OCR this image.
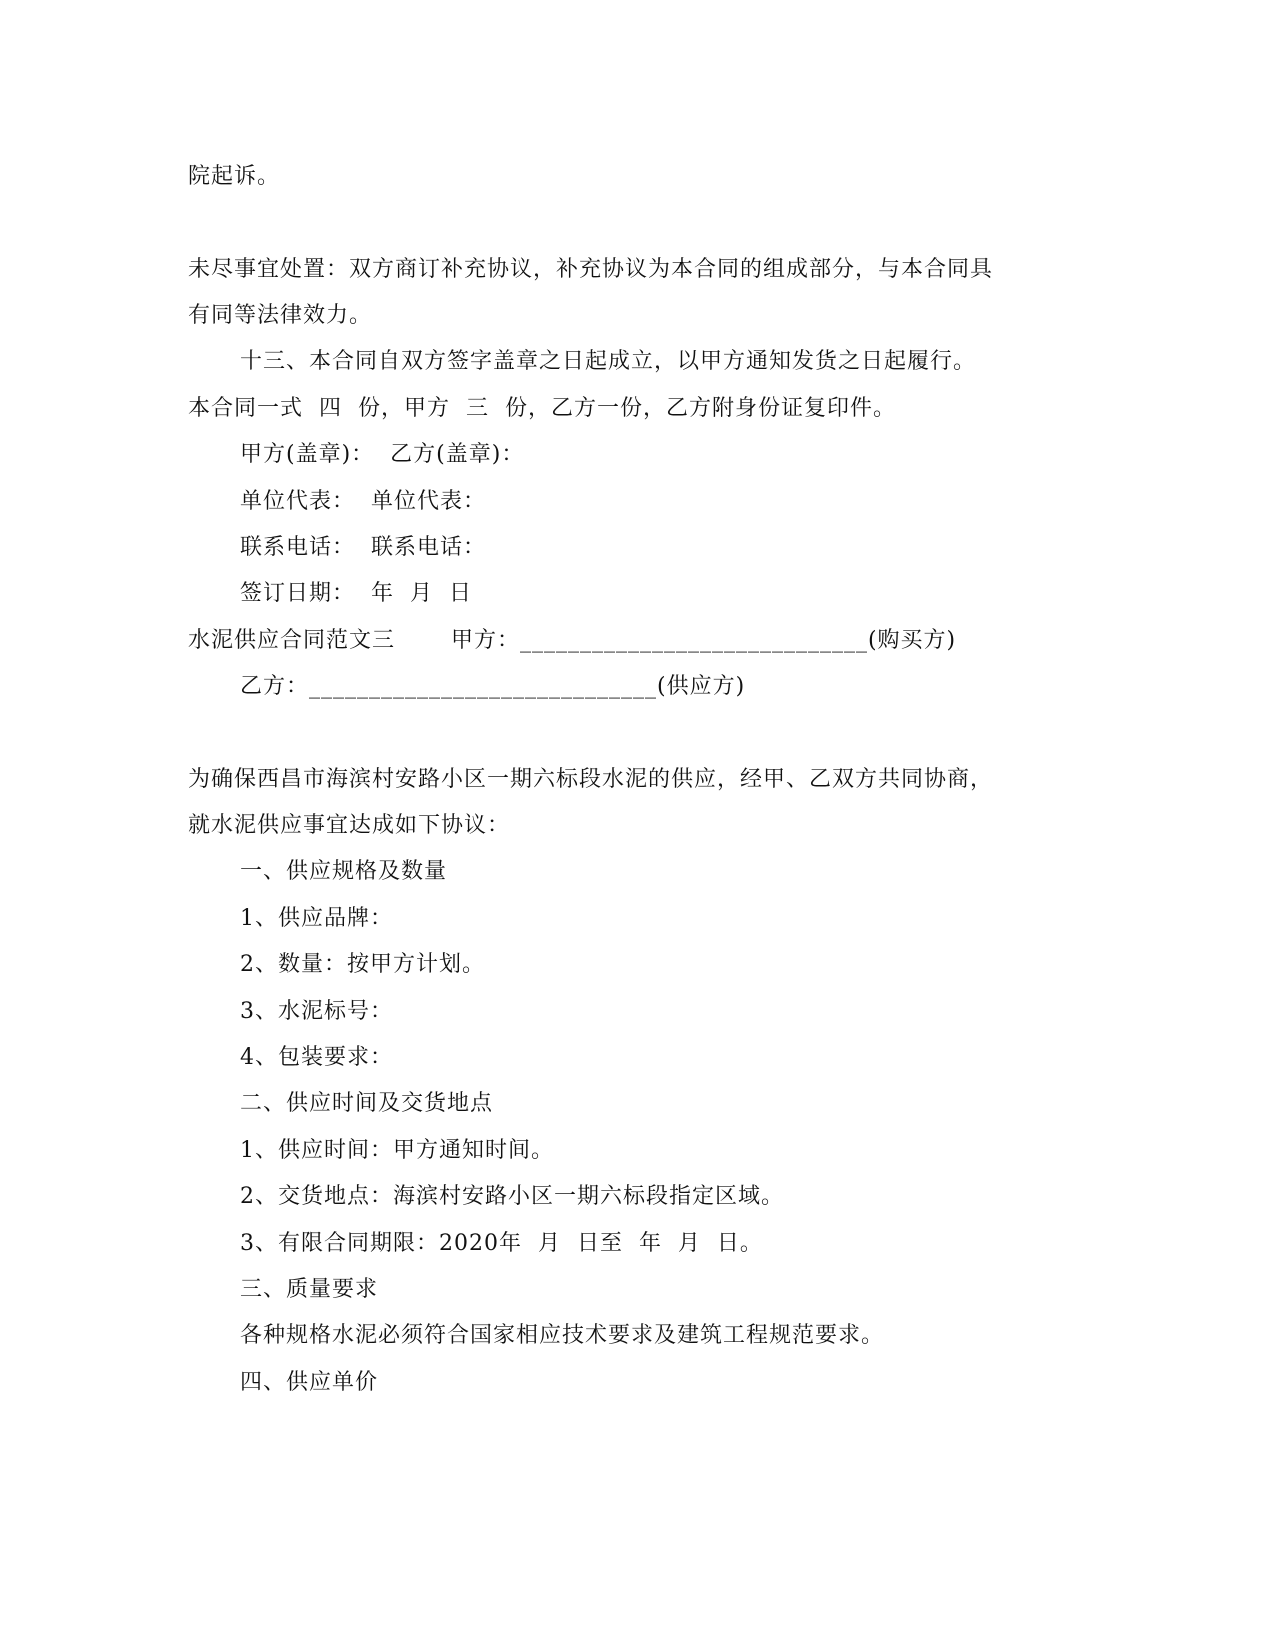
院起诉。
未尽事宜处置：双方商订补充协议，补充协议为本合同的组成部分，与本合同具
有同等法律效力。
十三、本合同自双方签字盖章之日起成立，以甲方通知发货之日起履行。
本合同一式  四  份，甲方  三  份，乙方一份，乙方附身份证复印件。
甲方(盖章)：  乙方(盖章)：
单位代表：  单位代表：
联系电话：  联系电话：
签订日期：  年  月  日
水泥供应合同范文三       甲方：_____________________________(购买方)
乙方：_____________________________(供应方)
为确保西昌市海滨村安路小区一期六标段水泥的供应，经甲、乙双方共同协商，
就水泥供应事宜达成如下协议：
一、供应规格及数量
1、供应品牌：
2、数量：按甲方计划。
3、水泥标号：
4、包装要求：
二、供应时间及交货地点
1、供应时间：甲方通知时间。
2、交货地点：海滨村安路小区一期六标段指定区域。
3、有限合同期限：2020年  月  日至  年  月  日。
三、质量要求
各种规格水泥必须符合国家相应技术要求及建筑工程规范要求。
四、供应单价
